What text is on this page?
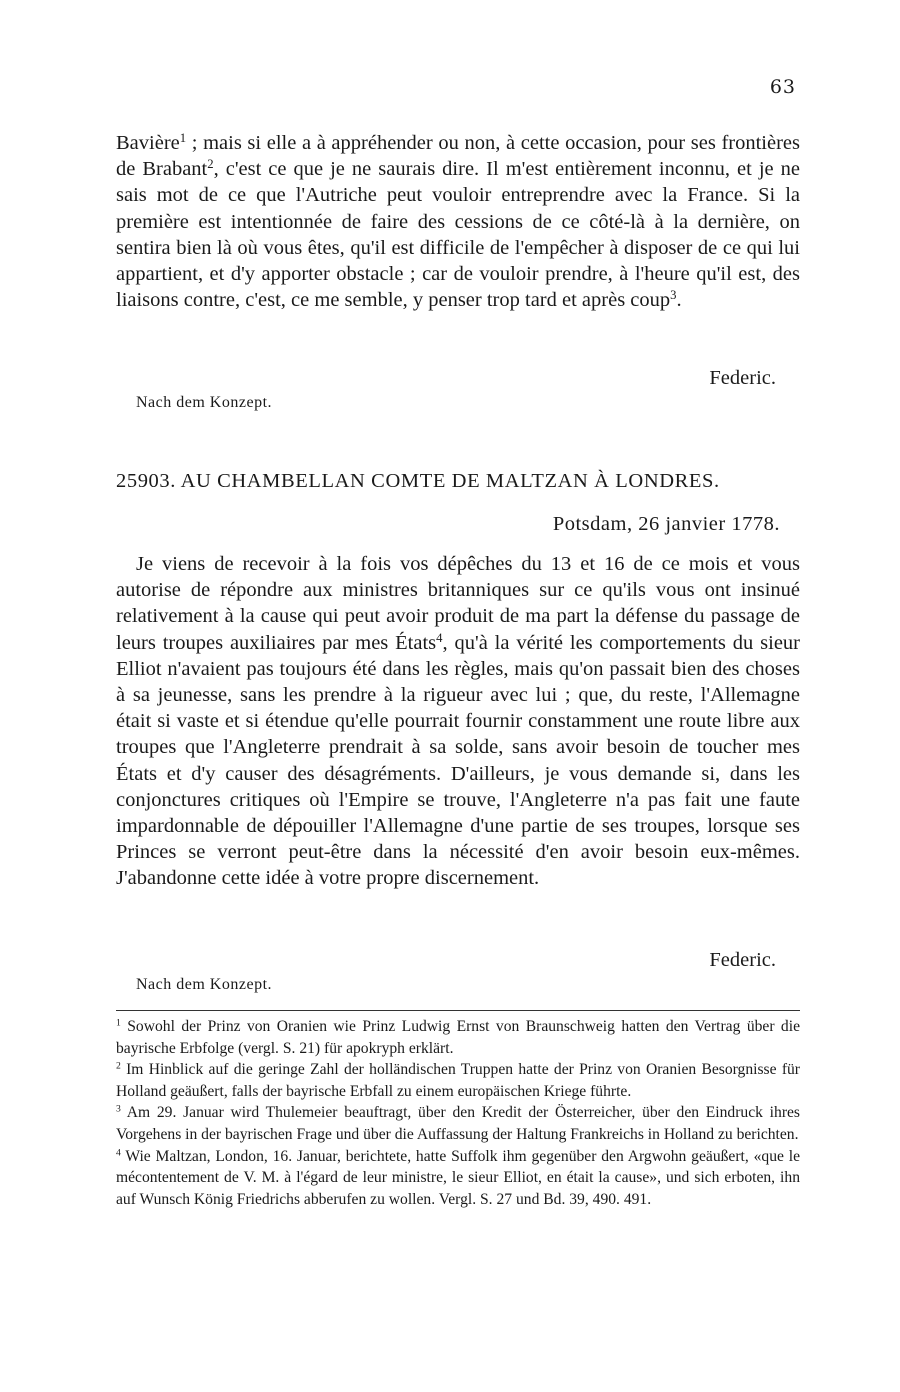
63

Bavière$^1$ ; mais si elle a à appréhender ou non, à cette occasion, pour ses frontières de Brabant$^2$, c'est ce que je ne saurais dire. Il m'est entièrement inconnu, et je ne sais mot de ce que l'Autriche peut vouloir entreprendre avec la France. Si la première est intentionnée de faire des cessions de ce côté-là à la dernière, on sentira bien là où vous êtes, qu'il est difficile de l'empêcher à disposer de ce qui lui appartient, et d'y apporter obstacle ; car de vouloir prendre, à l'heure qu'il est, des liaisons contre, c'est, ce me semble, y penser trop tard et après coup$^3$.

Federic.
Nach dem Konzept.
25903. AU CHAMBELLAN COMTE DE MALTZAN À LONDRES.
Potsdam, 26 janvier 1778.

Je viens de recevoir à la fois vos dépêches du 13 et 16 de ce mois et vous autorise de répondre aux ministres britanniques sur ce qu'ils vous ont insinué relativement à la cause qui peut avoir produit de ma part la défense du passage de leurs troupes auxiliaires par mes États$^4$, qu'à la vérité les comportements du sieur Elliot n'avaient pas toujours été dans les règles, mais qu'on passait bien des choses à sa jeunesse, sans les prendre à la rigueur avec lui ; que, du reste, l'Allemagne était si vaste et si étendue qu'elle pourrait fournir constamment une route libre aux troupes que l'Angleterre prendrait à sa solde, sans avoir besoin de toucher mes États et d'y causer des désagréments. D'ailleurs, je vous demande si, dans les conjonctures critiques où l'Empire se trouve, l'Angleterre n'a pas fait une faute impardonnable de dépouiller l'Allemagne d'une partie de ses troupes, lorsque ses Princes se verront peut-être dans la nécessité d'en avoir besoin eux-mêmes. J'abandonne cette idée à votre propre discernement.

Federic.
Nach dem Konzept.

$^1$ Sowohl der Prinz von Oranien wie Prinz Ludwig Ernst von Braunschweig hatten den Vertrag über die bayrische Erbfolge (vergl. S. 21) für apokryph erklärt.

$^2$ Im Hinblick auf die geringe Zahl der holländischen Truppen hatte der Prinz von Oranien Besorgnisse für Holland geäußert, falls der bayrische Erbfall zu einem europäischen Kriege führte.

$^3$ Am 29. Januar wird Thulemeier beauftragt, über den Kredit der Österreicher, über den Eindruck ihres Vorgehens in der bayrischen Frage und über die Auffassung der Haltung Frankreichs in Holland zu berichten.

$^4$ Wie Maltzan, London, 16. Januar, berichtete, hatte Suffolk ihm gegenüber den Argwohn geäußert, «que le mécontentement de V. M. à l'égard de leur ministre, le sieur Elliot, en était la cause», und sich erboten, ihn auf Wunsch König Friedrichs abberufen zu wollen. Vergl. S. 27 und Bd. 39, 490. 491.
